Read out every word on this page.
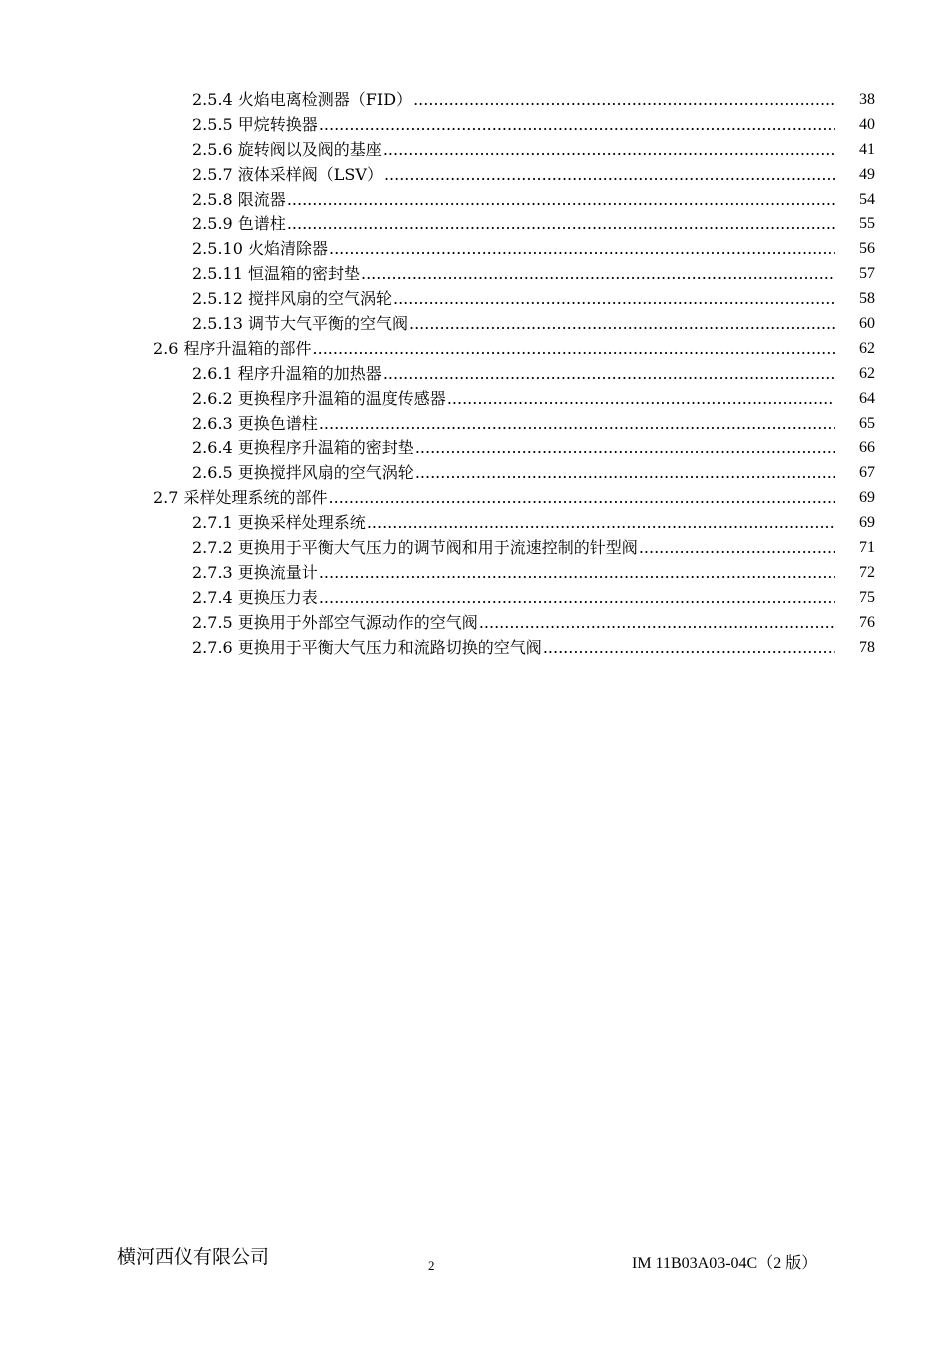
2.5.4 火焰电离检测器（FID） .....	38
2.5.5 甲烷转换器 .....	40
2.5.6 旋转阀以及阀的基座 .....	41
2.5.7 液体采样阀（LSV） .....	49
2.5.8 限流器 .....	54
2.5.9 色谱柱 .....	55
2.5.10 火焰清除器 .....	56
2.5.11 恒温箱的密封垫 .....	57
2.5.12 搅拌风扇的空气涡轮 .....	58
2.5.13 调节大气平衡的空气阀 .....	60
2.6 程序升温箱的部件 .....	62
2.6.1 程序升温箱的加热器 .....	62
2.6.2 更换程序升温箱的温度传感器 .....	64
2.6.3 更换色谱柱 .....	65
2.6.4 更换程序升温箱的密封垫 .....	66
2.6.5 更换搅拌风扇的空气涡轮 .....	67
2.7 采样处理系统的部件 .....	69
2.7.1 更换采样处理系统 .....	69
2.7.2 更换用于平衡大气压力的调节阀和用于流速控制的针型阀 .....	71
2.7.3 更换流量计 .....	72
2.7.4 更换压力表 .....	75
2.7.5 更换用于外部空气源动作的空气阀 .....	76
2.7.6 更换用于平衡大气压力和流路切换的空气阀 .....	78
横河西仪有限公司	2	IM 11B03A03-04C（2 版）
